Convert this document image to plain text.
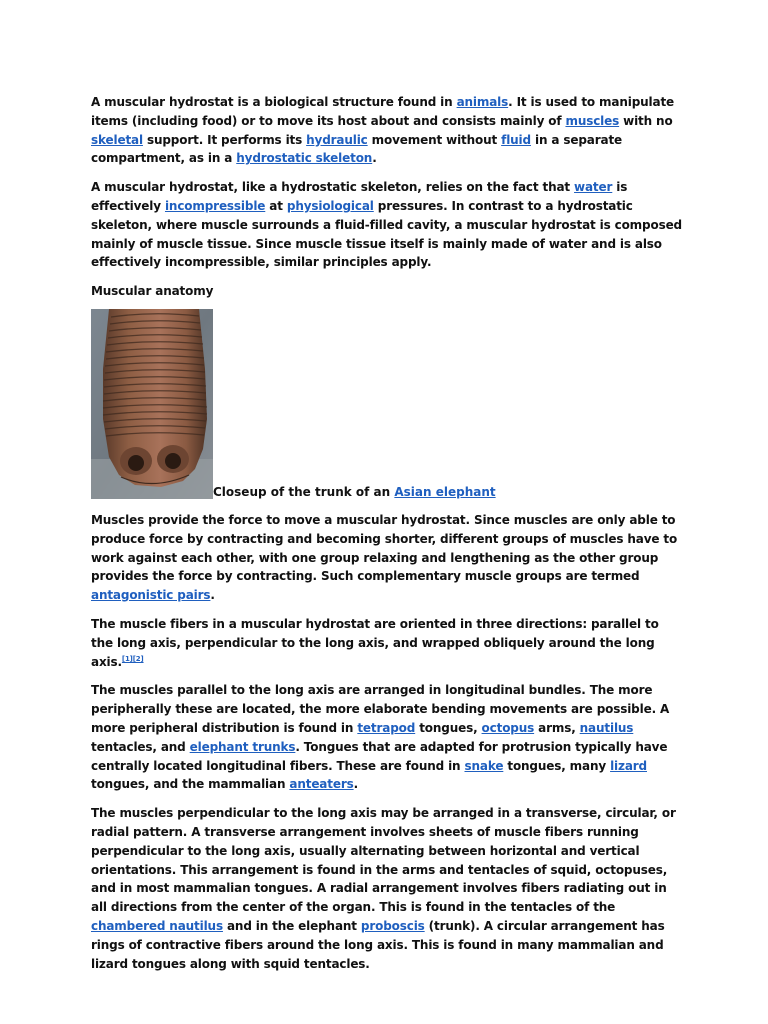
A muscular hydrostat is a biological structure found in animals. It is used to manipulate items (including food) or to move its host about and consists mainly of muscles with no skeletal support. It performs its hydraulic movement without fluid in a separate compartment, as in a hydrostatic skeleton.

A muscular hydrostat, like a hydrostatic skeleton, relies on the fact that water is effectively incompressible at physiological pressures. In contrast to a hydrostatic skeleton, where muscle surrounds a fluid-filled cavity, a muscular hydrostat is composed mainly of muscle tissue. Since muscle tissue itself is mainly made of water and is also effectively incompressible, similar principles apply.

Muscular anatomy

Closeup of the trunk of an Asian elephant

Muscles provide the force to move a muscular hydrostat. Since muscles are only able to produce force by contracting and becoming shorter, different groups of muscles have to work against each other, with one group relaxing and lengthening as the other group provides the force by contracting. Such complementary muscle groups are termed antagonistic pairs.

The muscle fibers in a muscular hydrostat are oriented in three directions: parallel to the long axis, perpendicular to the long axis, and wrapped obliquely around the long axis.[1][2]

The muscles parallel to the long axis are arranged in longitudinal bundles. The more peripherally these are located, the more elaborate bending movements are possible. A more peripheral distribution is found in tetrapod tongues, octopus arms, nautilus tentacles, and elephant trunks. Tongues that are adapted for protrusion typically have centrally located longitudinal fibers. These are found in snake tongues, many lizard tongues, and the mammalian anteaters.

The muscles perpendicular to the long axis may be arranged in a transverse, circular, or radial pattern. A transverse arrangement involves sheets of muscle fibers running perpendicular to the long axis, usually alternating between horizontal and vertical orientations. This arrangement is found in the arms and tentacles of squid, octopuses, and in most mammalian tongues. A radial arrangement involves fibers radiating out in all directions from the center of the organ. This is found in the tentacles of the chambered nautilus and in the elephant proboscis (trunk). A circular arrangement has rings of contractive fibers around the long axis. This is found in many mammalian and lizard tongues along with squid tentacles.
